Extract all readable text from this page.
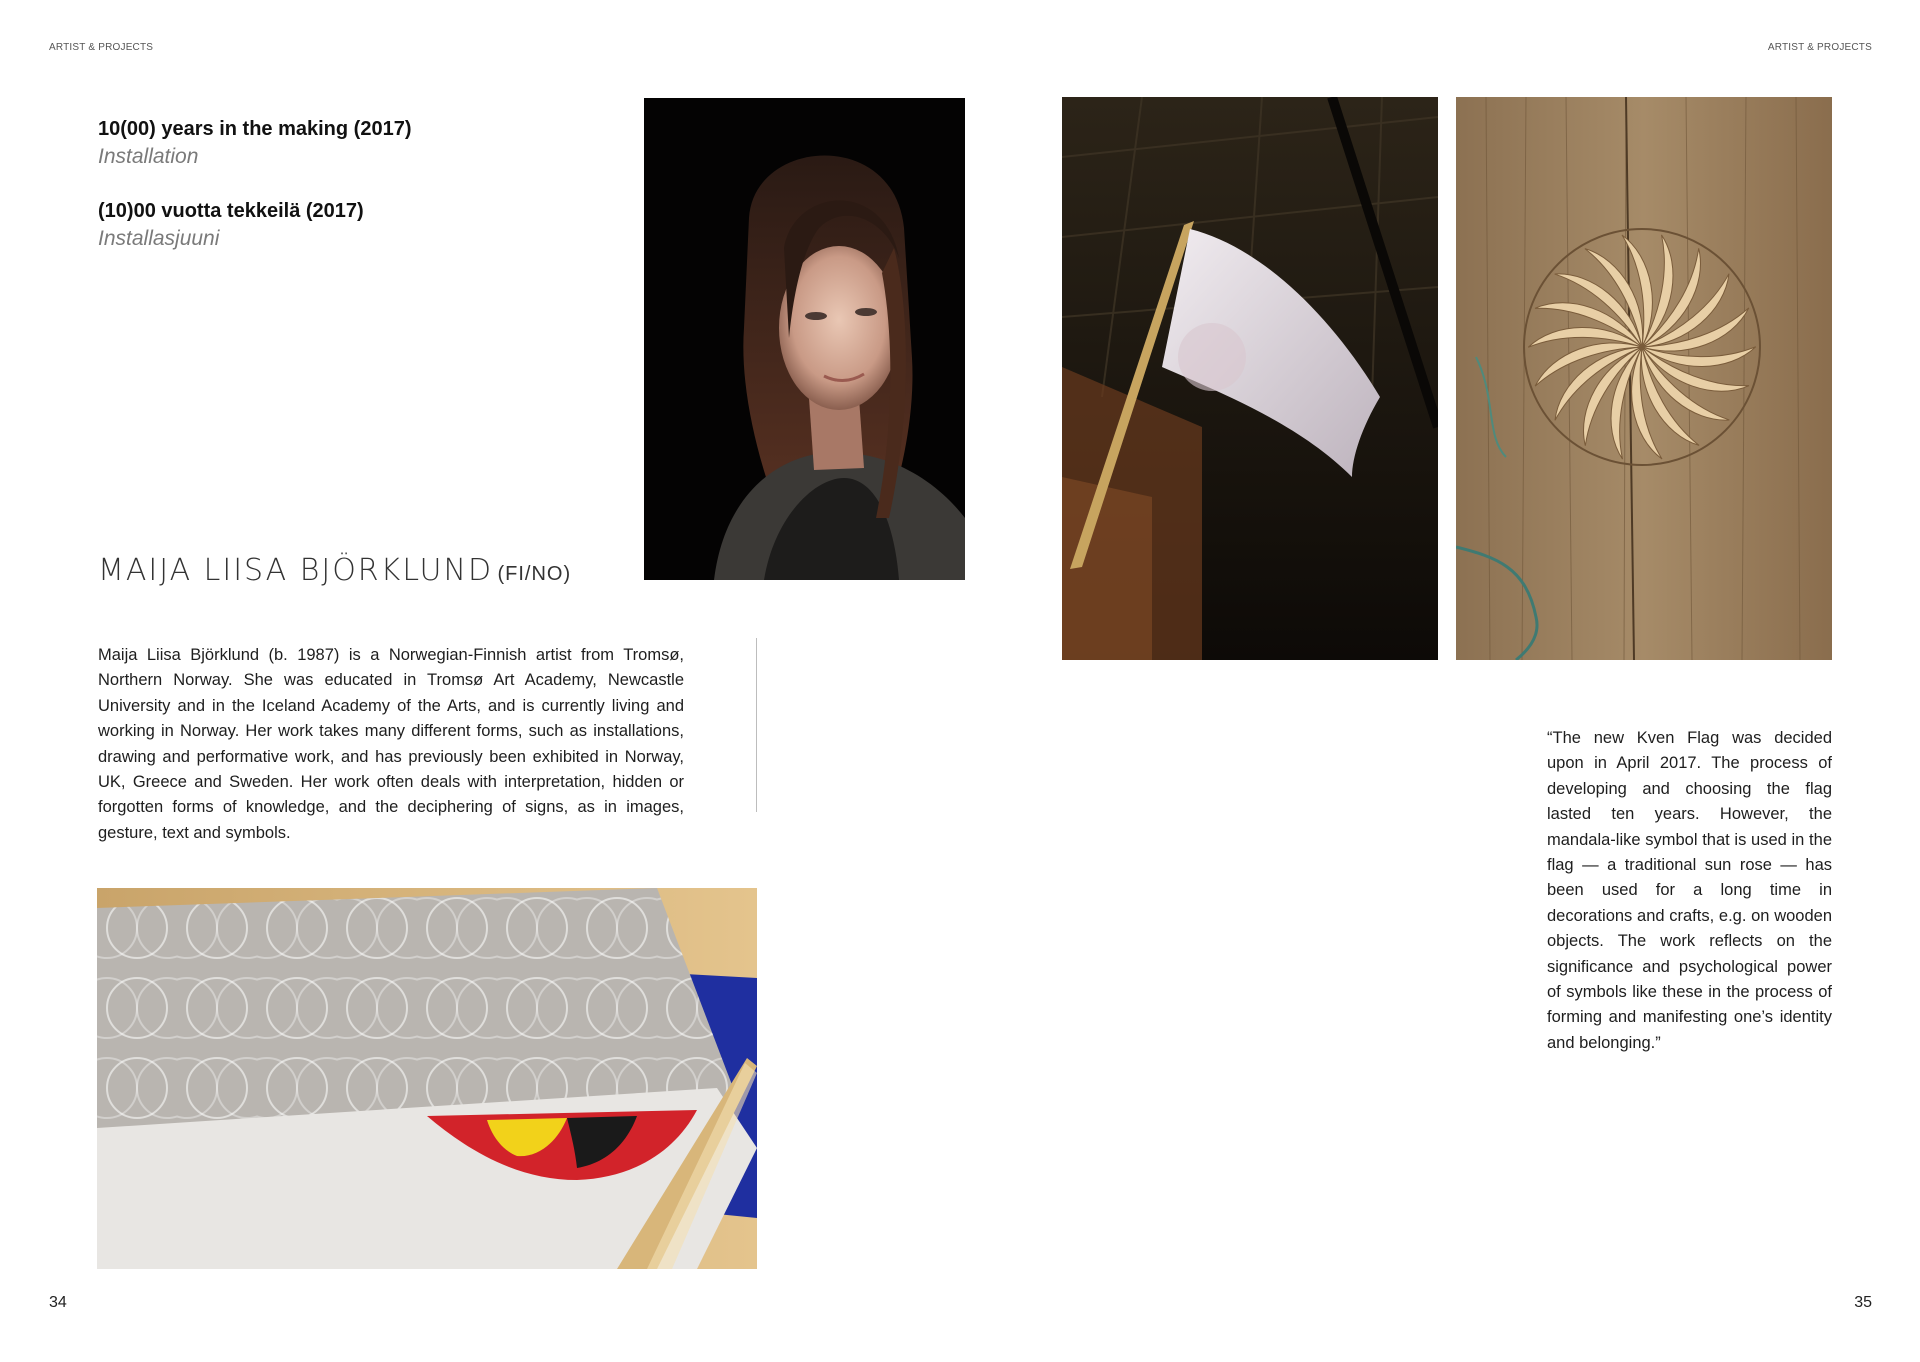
ARTIST & PROJECTS	ARTIST & PROJECTS
10(00) years in the making (2017)
Installation
(10)00 vuotta tekkeilä (2017)
Installasjuuni
MAIJA LIISA BJÖRKLUND (FI/NO)
Maija Liisa Björklund (b. 1987) is a Norwegian-Finnish artist from Tromsø, Northern Norway. She was educated in Tromsø Art Academy, Newcastle University and in the Iceland Academy of the Arts, and is currently living and working in Norway. Her work takes many different forms, such as installations, drawing and performative work, and has previously been exhibited in Norway, UK, Greece and Sweden. Her work often deals with interpretation, hidden or forgotten forms of knowledge, and the deciphering of signs, as in images, gesture, text and symbols.
“The new Kven Flag was decided upon in April 2017. The process of developing and choosing the flag lasted ten years. However, the mandala-like symbol that is used in the flag — a traditional sun rose — has been used for a long time in decorations and crafts, e.g. on wooden objects. The work reflects on the significance and psychological power of symbols like these in the process of forming and manifesting one’s identity and belonging.”
34	35
